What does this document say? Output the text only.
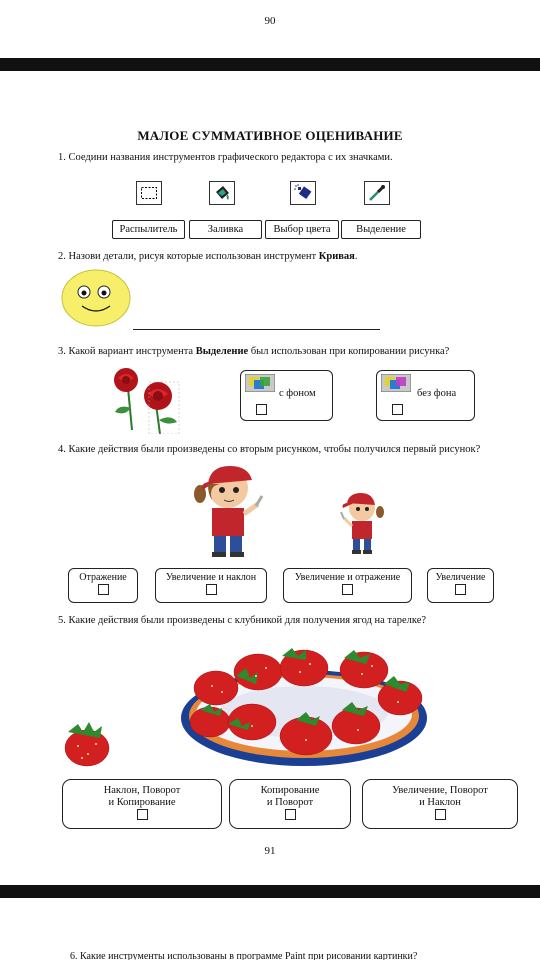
90
МАЛОЕ СУММАТИВНОЕ ОЦЕНИВАНИЕ
1. Соедини названия инструментов графического редактора с их значками.
Распылитель	Заливка	Выбор цвета	Выделение
2. Назови детали, рисуя которые использован инструмент Кривая.
3. Какой вариант инструмента Выделение был использован при копировании рисунка?
с фоном	без фона
4. Какие действия были произведены со вторым рисунком, чтобы получился первый рисунок?
Отражение	Увеличение и наклон	Увеличение и отражение	Увеличение
5. Какие действия были произведены с клубникой для получения ягод на тарелке?
Наклон, Поворот
и Копирование
Копирование
и Поворот
Увеличение, Поворот
и Наклон
91
6. Какие инструменты использованы в программе Paint при рисовании картинки?
